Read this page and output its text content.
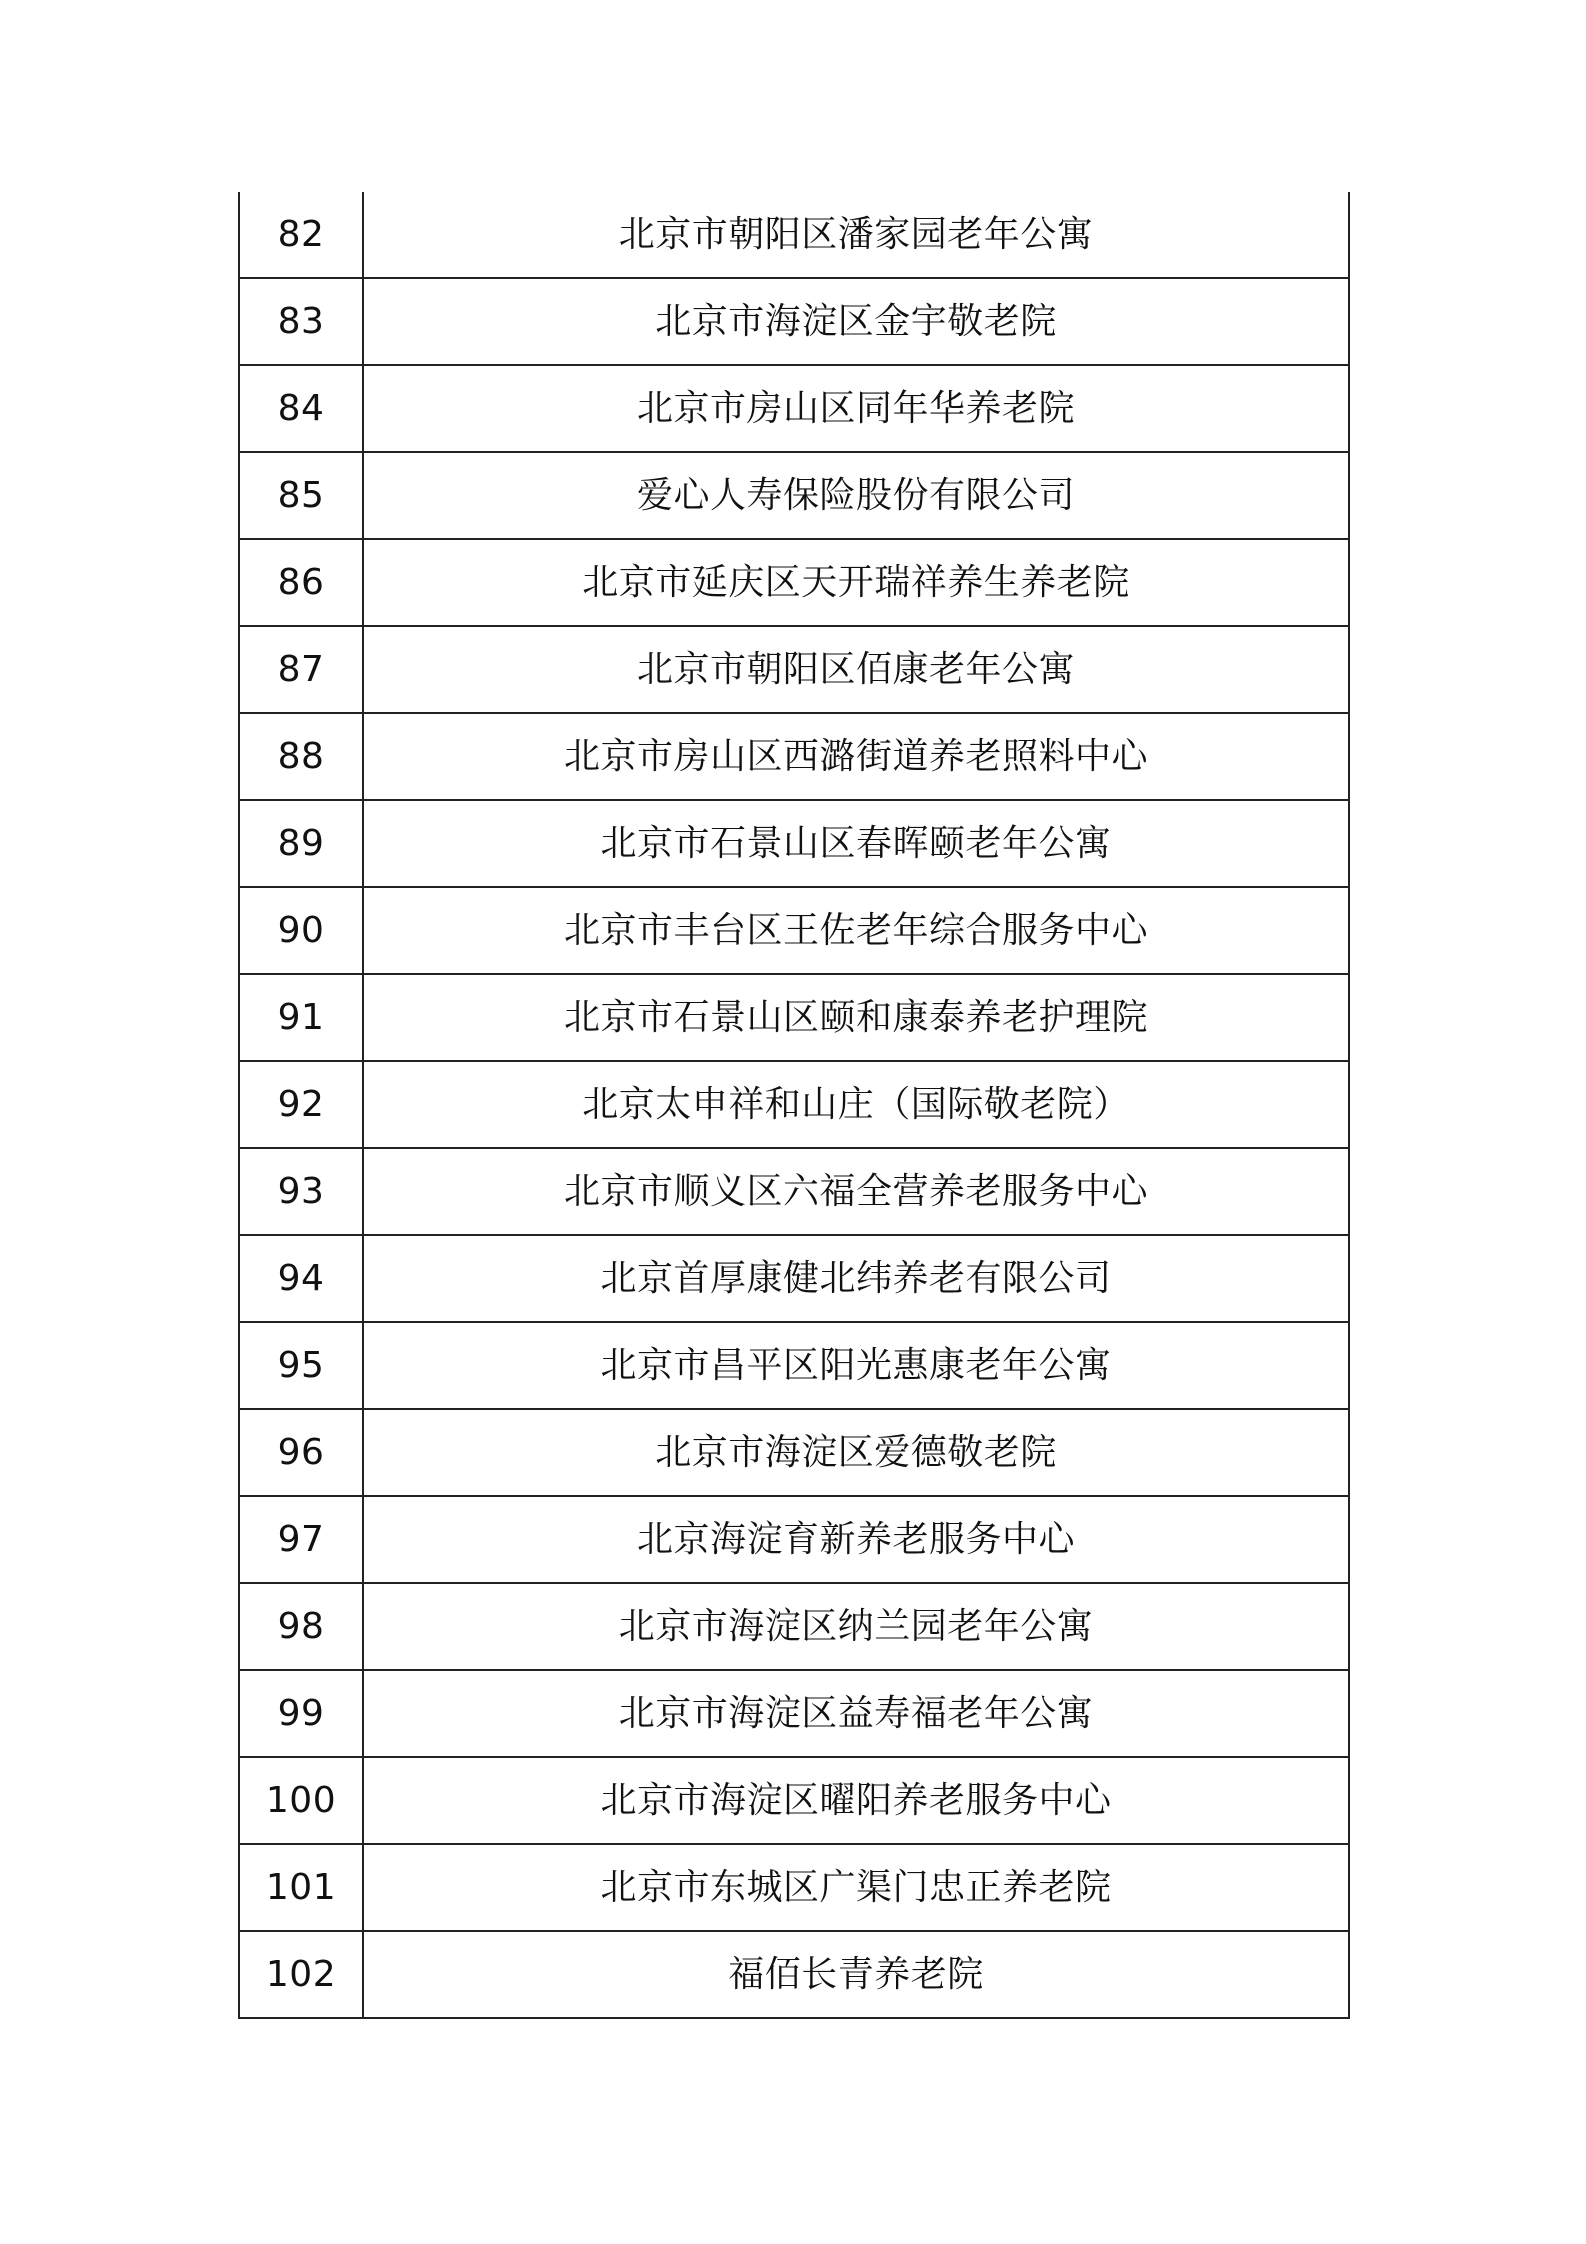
82	北京市朝阳区潘家园老年公寓
83	北京市海淀区金宇敬老院
84	北京市房山区同年华养老院
85	爱心人寿保险股份有限公司
86	北京市延庆区天开瑞祥养生养老院
87	北京市朝阳区佰康老年公寓
88	北京市房山区西潞街道养老照料中心
89	北京市石景山区春晖颐老年公寓
90	北京市丰台区王佐老年综合服务中心
91	北京市石景山区颐和康泰养老护理院
92	北京太申祥和山庄（国际敬老院）
93	北京市顺义区六福全营养老服务中心
94	北京首厚康健北纬养老有限公司
95	北京市昌平区阳光惠康老年公寓
96	北京市海淀区爱德敬老院
97	北京海淀育新养老服务中心
98	北京市海淀区纳兰园老年公寓
99	北京市海淀区益寿福老年公寓
100	北京市海淀区曜阳养老服务中心
101	北京市东城区广渠门忠正养老院
102	福佰长青养老院
